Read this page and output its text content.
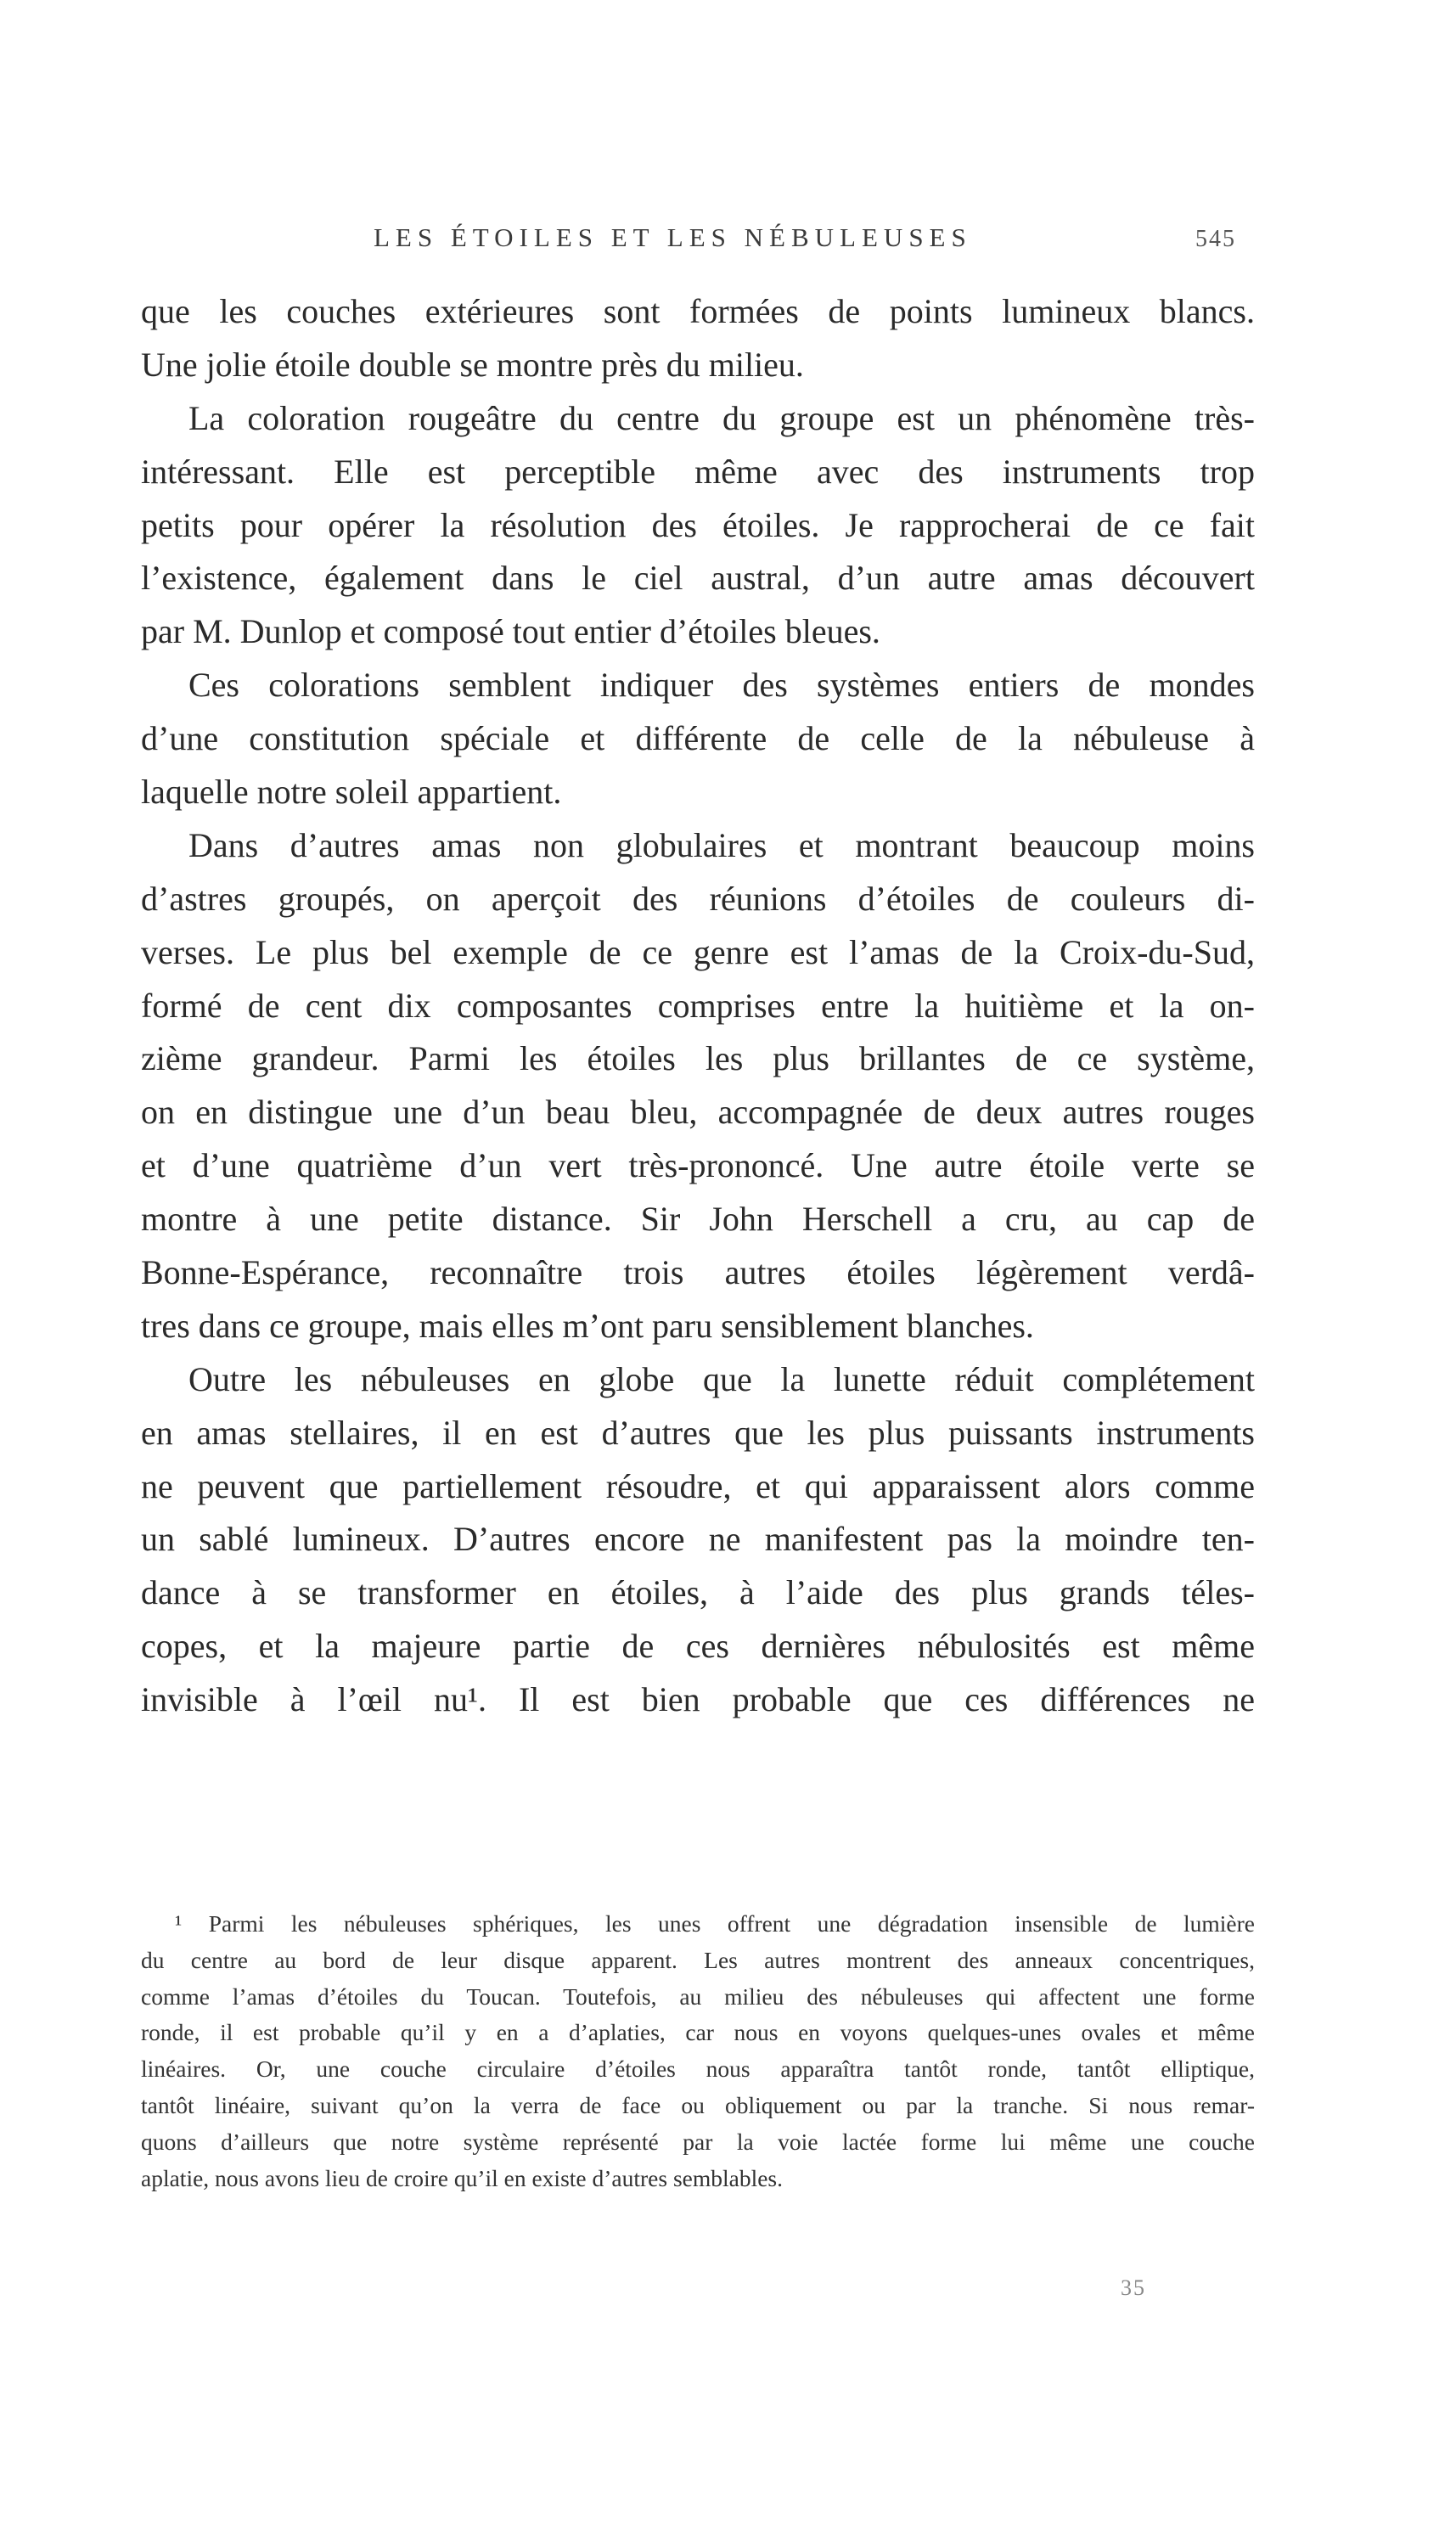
LES ÉTOILES ET LES NÉBULEUSES	545
que les couches extérieures sont formées de points lumineux blancs.
Une jolie étoile double se montre près du milieu.
La coloration rougeâtre du centre du groupe est un phénomène très-
intéressant. Elle est perceptible même avec des instruments trop
petits pour opérer la résolution des étoiles. Je rapprocherai de ce fait
l’existence, également dans le ciel austral, d’un autre amas découvert
par M. Dunlop et composé tout entier d’étoiles bleues.
Ces colorations semblent indiquer des systèmes entiers de mondes
d’une constitution spéciale et différente de celle de la nébuleuse à
laquelle notre soleil appartient.
Dans d’autres amas non globulaires et montrant beaucoup moins
d’astres groupés, on aperçoit des réunions d’étoiles de couleurs di-
verses. Le plus bel exemple de ce genre est l’amas de la Croix-du-Sud,
formé de cent dix composantes comprises entre la huitième et la on-
zième grandeur. Parmi les étoiles les plus brillantes de ce système,
on en distingue une d’un beau bleu, accompagnée de deux autres rouges
et d’une quatrième d’un vert très-prononcé. Une autre étoile verte se
montre à une petite distance. Sir John Herschell a cru, au cap de
Bonne-Espérance, reconnaître trois autres étoiles légèrement verdâ-
tres dans ce groupe, mais elles m’ont paru sensiblement blanches.
Outre les nébuleuses en globe que la lunette réduit complétement
en amas stellaires, il en est d’autres que les plus puissants instruments
ne peuvent que partiellement résoudre, et qui apparaissent alors comme
un sablé lumineux. D’autres encore ne manifestent pas la moindre ten-
dance à se transformer en étoiles, à l’aide des plus grands téles-
copes, et la majeure partie de ces dernières nébulosités est même
invisible à l’œil nu¹. Il est bien probable que ces différences ne
¹ Parmi les nébuleuses sphériques, les unes offrent une dégradation insensible de lumière
du centre au bord de leur disque apparent. Les autres montrent des anneaux concentriques,
comme l’amas d’étoiles du Toucan. Toutefois, au milieu des nébuleuses qui affectent une forme
ronde, il est probable qu’il y en a d’aplaties, car nous en voyons quelques-unes ovales et même
linéaires. Or, une couche circulaire d’étoiles nous apparaîtra tantôt ronde, tantôt elliptique,
tantôt linéaire, suivant qu’on la verra de face ou obliquement ou par la tranche. Si nous remar-
quons d’ailleurs que notre système représenté par la voie lactée forme lui même une couche
aplatie, nous avons lieu de croire qu’il en existe d’autres semblables.
35
